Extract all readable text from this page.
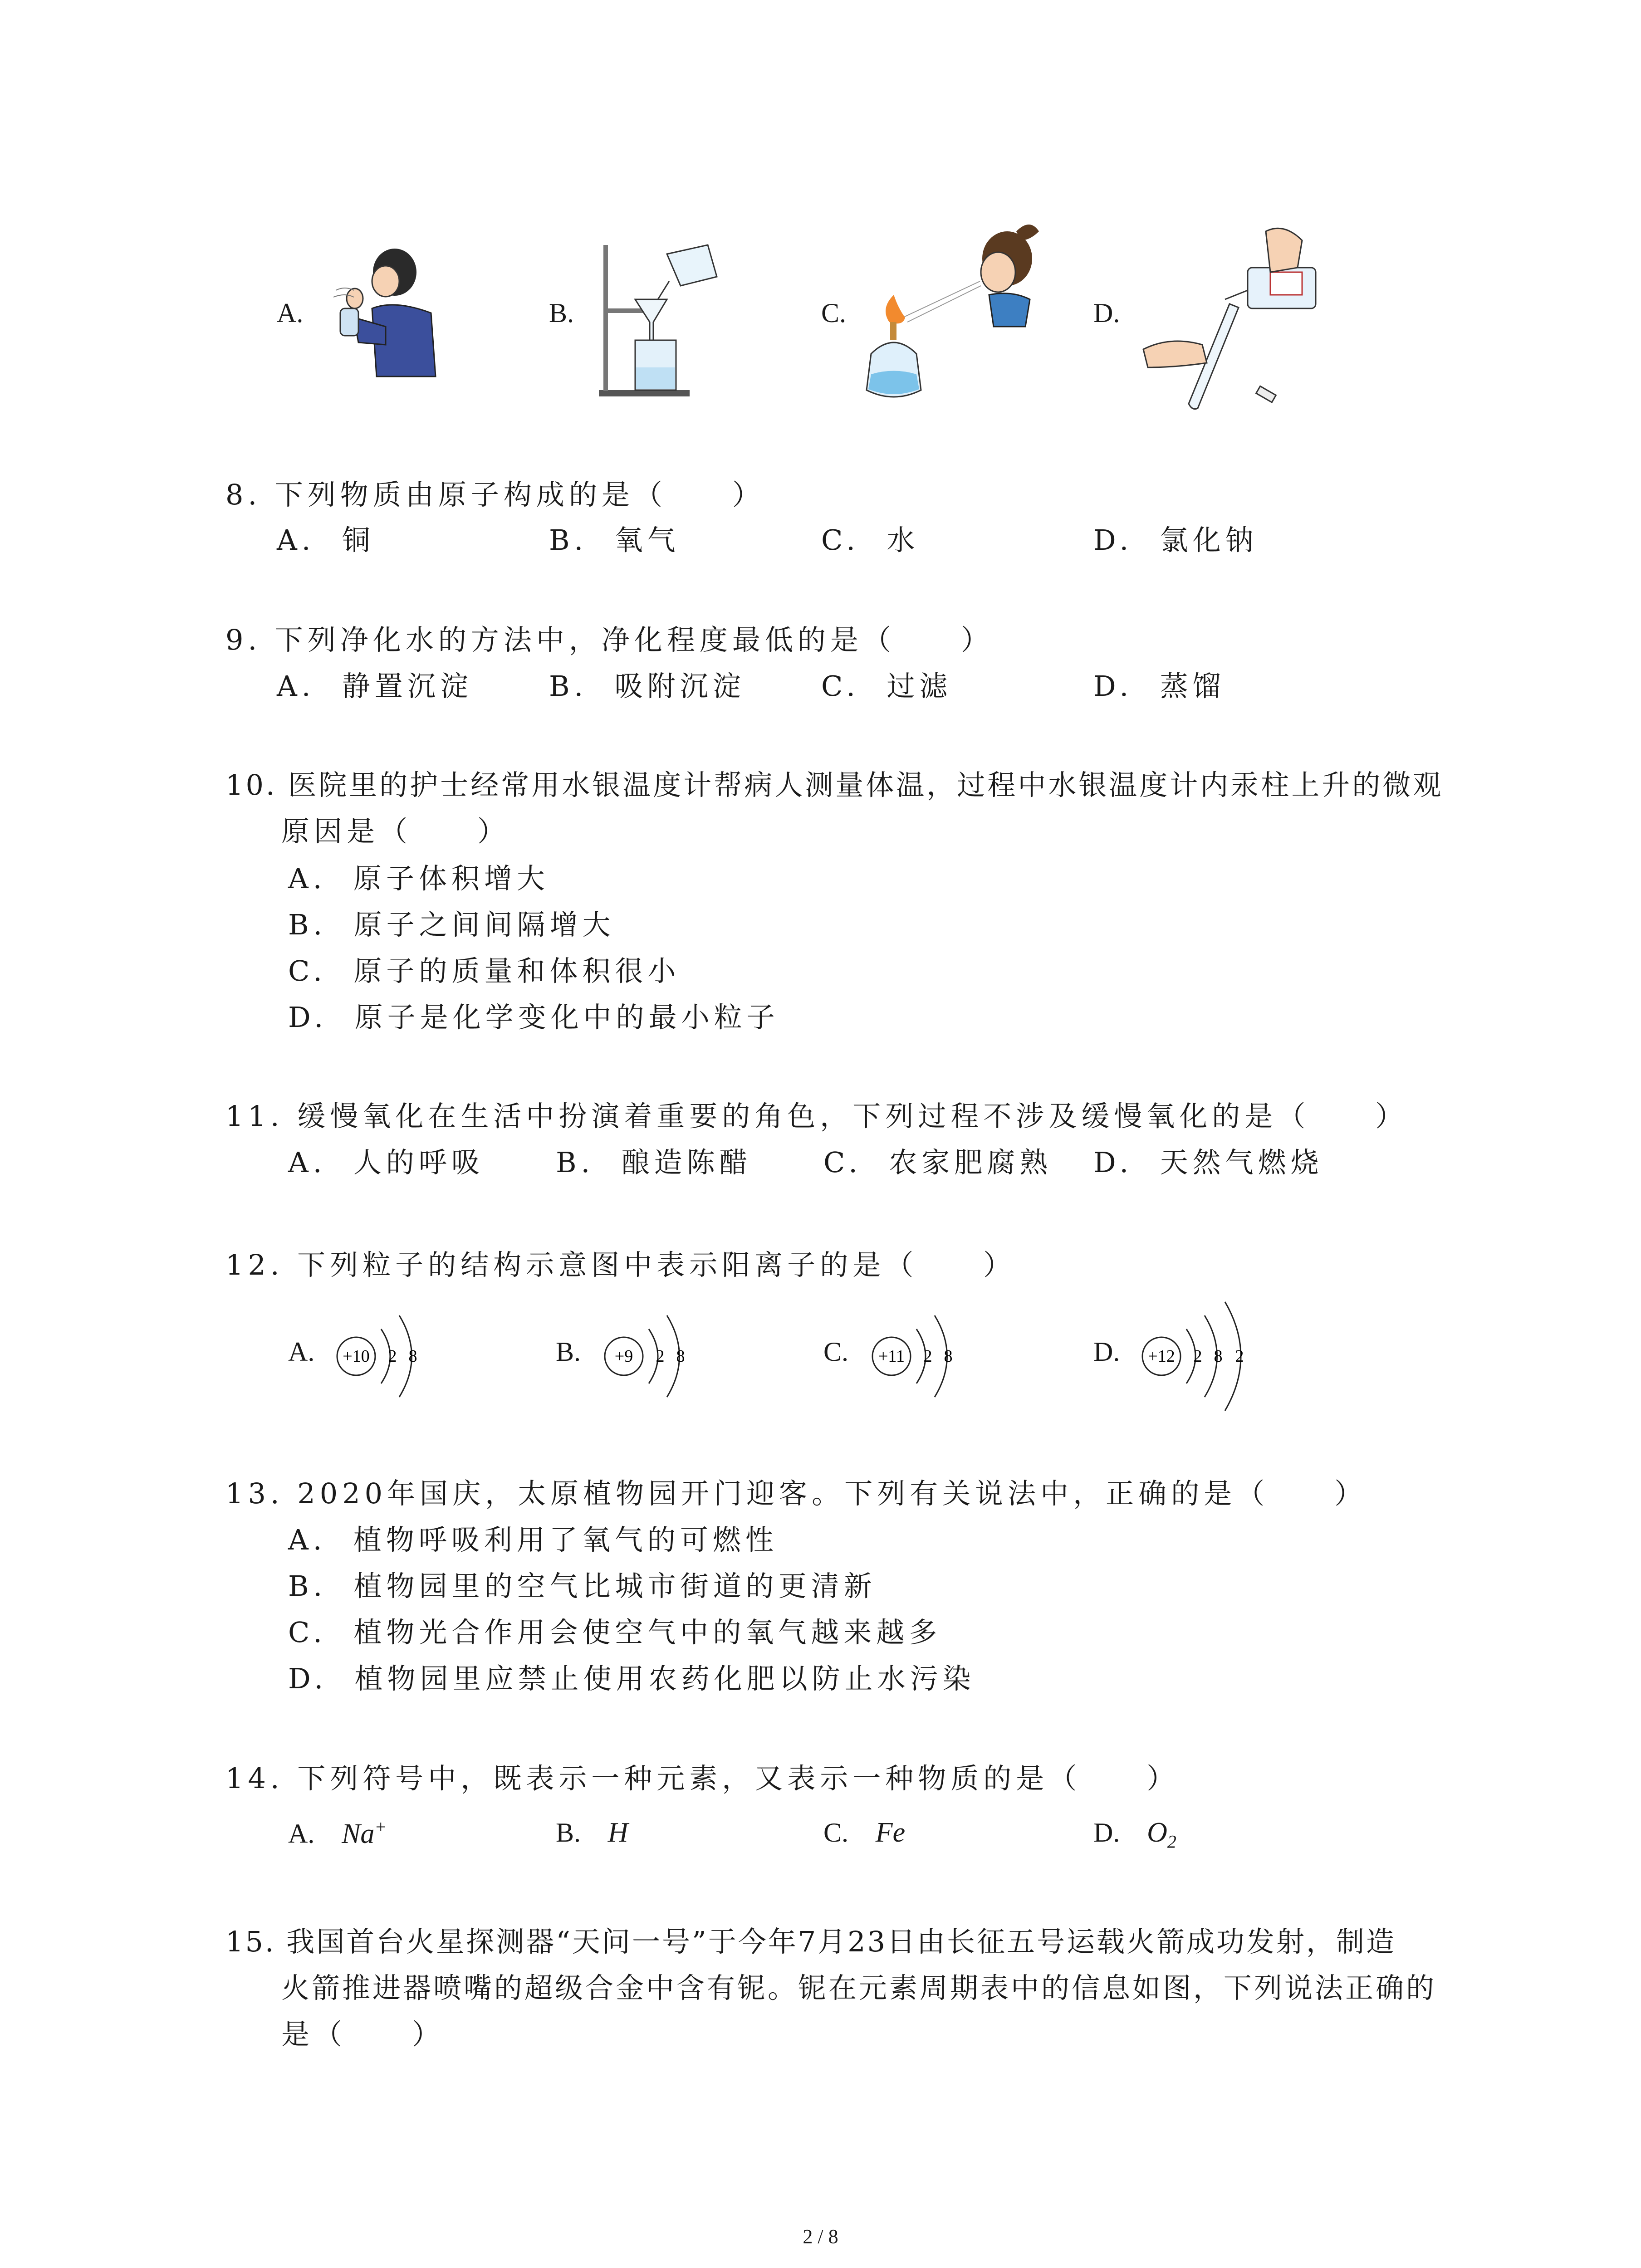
A.	B.	C.	D.
8. 下列物质由原子构成的是（　　）
A.  铜	B.  氧气	C.  水	D.  氯化钠
9. 下列净化水的方法中，净化程度最低的是（　　）
A.  静置沉淀	B.  吸附沉淀	C.  过滤	D.  蒸馏
10. 医院里的护士经常用水银温度计帮病人测量体温，过程中水银温度计内汞柱上升的微观
原因是（　　）
A.  原子体积增大
B.  原子之间间隔增大
C.  原子的质量和体积很小
D.  原子是化学变化中的最小粒子
11. 缓慢氧化在生活中扮演着重要的角色，下列过程不涉及缓慢氧化的是（　　）
A.  人的呼吸	B.  酿造陈醋	C.  农家肥腐熟 D.  天然气燃烧
12. 下列粒子的结构示意图中表示阳离子的是（　　）
A.	B.	C.	D.
+10 2 8	+9 2 8	+11 2 8	+12 2 8 2
13. 2020年国庆，太原植物园开门迎客。下列有关说法中，正确的是（　　）
A.  植物呼吸利用了氧气的可燃性
B.  植物园里的空气比城市街道的更清新
C.  植物光合作用会使空气中的氧气越来越多
D.  植物园里应禁止使用农药化肥以防止水污染
14. 下列符号中，既表示一种元素，又表示一种物质的是（　　）
A. Na+	B. H	C. Fe	D. $O_2$
15. 我国首台火星探测器“天问一号”于今年7月23日由长征五号运载火箭成功发射，制造
火箭推进器喷嘴的超级合金中含有铌。铌在元素周期表中的信息如图，下列说法正确的
是（　　）
2 / 8
